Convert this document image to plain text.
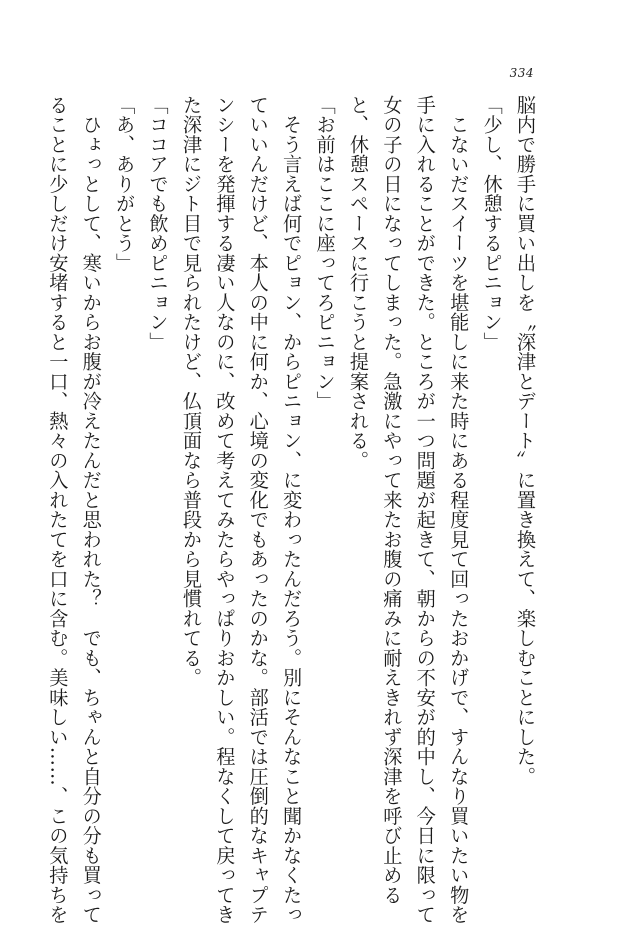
334
脳内で勝手に買い出しを〝深津とデート〟に置き換えて、楽しむことにした。
「少し、休憩するピニョン」
　こないだスイーツを堪能しに来た時にある程度見て回ったおかげで、すんなり買いたい物を
手に入れることができた。ところが一つ問題が起きて、朝からの不安が的中し、今日に限って
女の子の日になってしまった。急激にやって来たお腹の痛みに耐えきれず深津を呼び止める
と、休憩スペースに行こうと提案される。
「お前はここに座ってろピニョン」
　そう言えば何でピョン、からピニョン、に変わったんだろう。別にそんなこと聞かなくたっ
ていいんだけど、本人の中に何か、心境の変化でもあったのかな。部活では圧倒的なキャプテ
ンシーを発揮する凄い人なのに、改めて考えてみたらやっぱりおかしい。程なくして戻ってき
た深津にジト目で見られたけど、仏頂面なら普段から見慣れてる。
「ココアでも飲めピニョン」
「あ、ありがとう」
　ひょっとして、寒いからお腹が冷えたんだと思われた？　でも、ちゃんと自分の分も買って
ることに少しだけ安堵すると一口、熱々の入れたてを口に含む。美味しい……、この気持ちを
